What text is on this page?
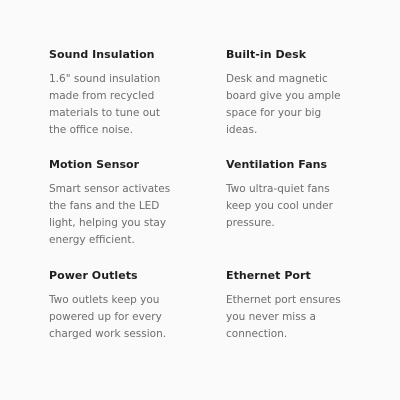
Sound Insulation

1.6" sound insulation made from recycled materials to tune out the office noise.

Built-in Desk

Desk and magnetic board give you ample space for your big ideas.

Motion Sensor

Smart sensor activates the fans and the LED light, helping you stay energy efficient.

Ventilation Fans

Two ultra-quiet fans keep you cool under pressure.

Power Outlets

Two outlets keep you powered up for every charged work session.

Ethernet Port

Ethernet port ensures you never miss a connection.
